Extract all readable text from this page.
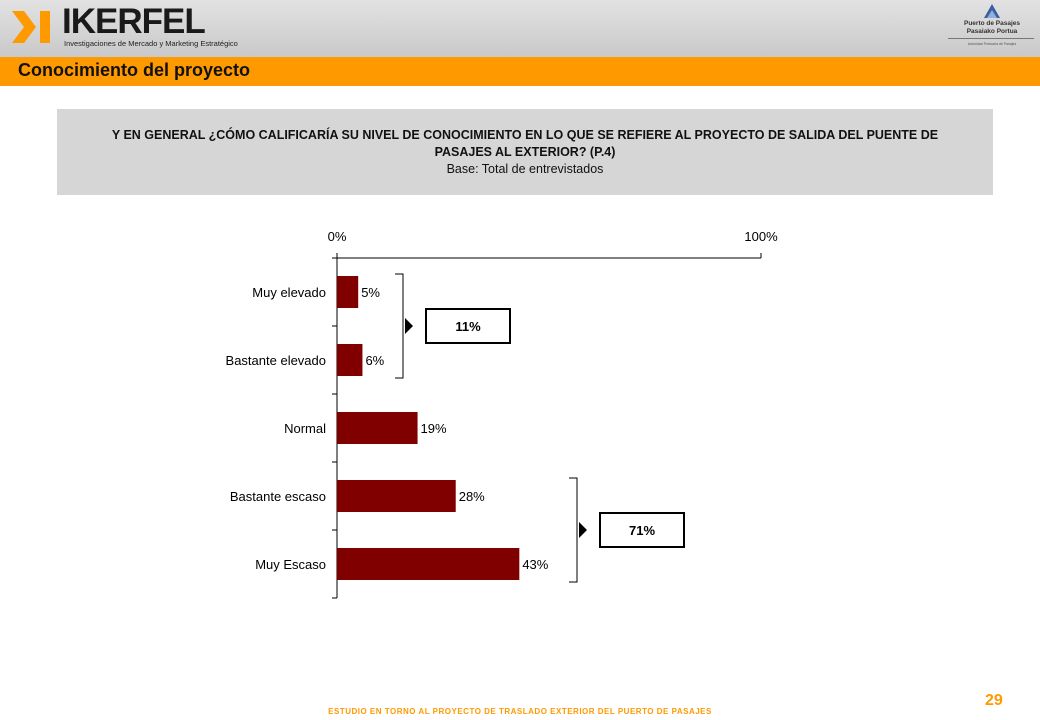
IKERFEL
Investigaciones de Mercado y Marketing Estratégico
Puerto de Pasajes
Pasaiako Portua
Autoridad Portuaria de Pasajes
Conocimiento del proyecto
Y EN GENERAL ¿CÓMO CALIFICARÍA SU NIVEL DE CONOCIMIENTO EN LO QUE SE REFIERE AL PROYECTO DE SALIDA DEL PUENTE DE PASAJES AL EXTERIOR? (P.4)
Base: Total de entrevistados
0%	100%
Muy elevado	5%
Bastante elevado	6%
Normal	19%
Bastante escaso	28%
Muy Escaso	43%
11%
71%
ESTUDIO EN TORNO AL PROYECTO DE TRASLADO EXTERIOR DEL PUERTO DE PASAJES
29
